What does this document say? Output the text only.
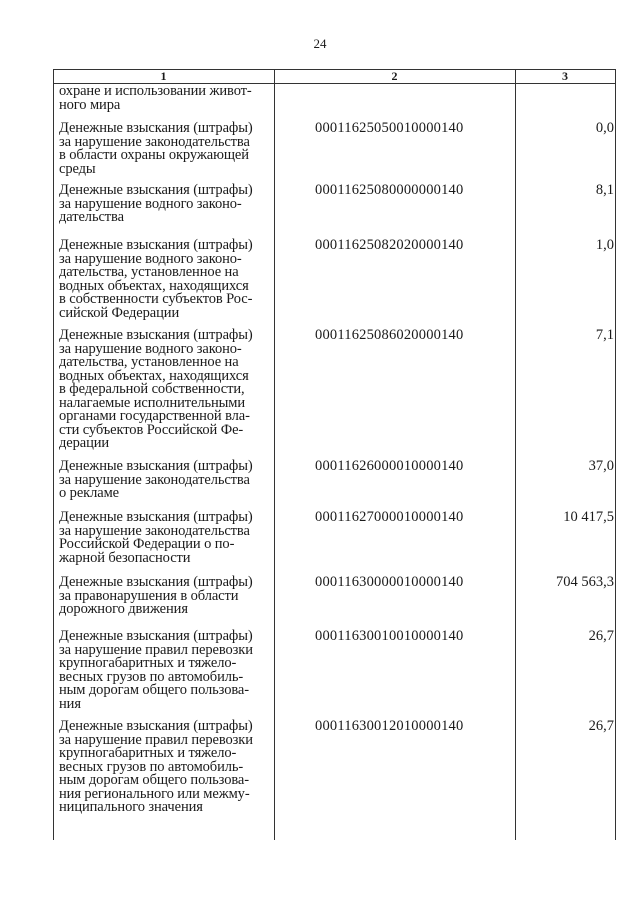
24
1	2	3
охране и использовании живот-
ного мира
Денежные взыскания (штрафы)
за нарушение законодательства
в области охраны окружающей
среды
00011625050010000140	0,0
Денежные взыскания (штрафы)
за нарушение водного законо-
дательства
00011625080000000140	8,1
Денежные взыскания (штрафы)
за нарушение водного законо-
дательства, установленное на
водных объектах, находящихся
в собственности субъектов Рос-
сийской Федерации
00011625082020000140	1,0
Денежные взыскания (штрафы)
за нарушение водного законо-
дательства, установленное на
водных объектах, находящихся
в федеральной собственности,
налагаемые исполнительными
органами государственной вла-
сти субъектов Российской Фе-
дерации
00011625086020000140	7,1
Денежные взыскания (штрафы)
за нарушение законодательства
о рекламе
00011626000010000140	37,0
Денежные взыскания (штрафы)
за нарушение законодательства
Российской Федерации о по-
жарной безопасности
00011627000010000140	10 417,5
Денежные взыскания (штрафы)
за правонарушения в области
дорожного движения
00011630000010000140	704 563,3
Денежные взыскания (штрафы)
за нарушение правил перевозки
крупногабаритных и тяжело-
весных грузов по автомобиль-
ным дорогам общего пользова-
ния
00011630010010000140	26,7
Денежные взыскания (штрафы)
за нарушение правил перевозки
крупногабаритных и тяжело-
весных грузов по автомобиль-
ным дорогам общего пользова-
ния регионального или межму-
ниципального значения
00011630012010000140	26,7
